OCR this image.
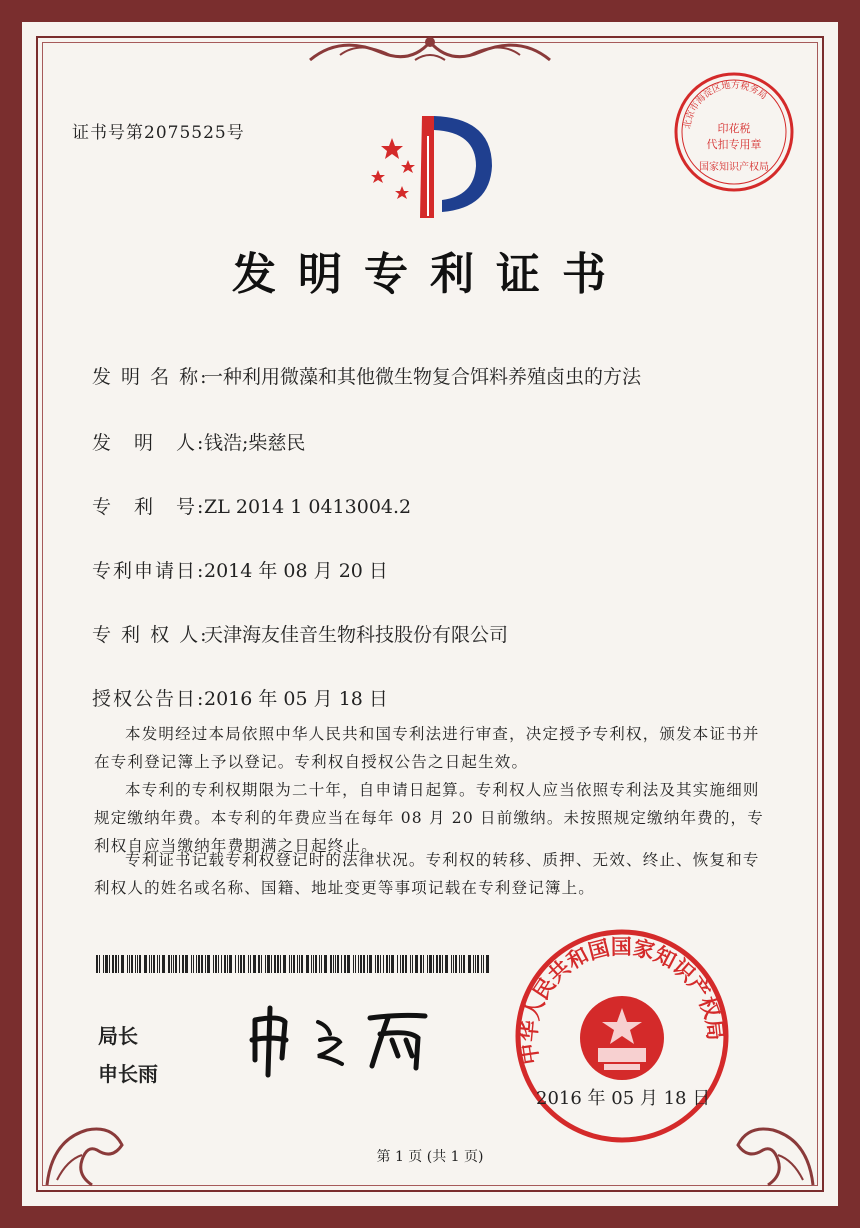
证书号第2075525号	北京市海淀区地方税务局
印花税
代扣专用章
国家知识产权局
发明专利证书
发 明 名 称:一种利用微藻和其他微生物复合饵料养殖卤虫的方法
发　明　人:钱浩;柴慈民
专　利　号:ZL 2014 1 0413004.2
专利申请日:2014 年 08 月 20 日
专 利 权 人:天津海友佳音生物科技股份有限公司
授权公告日:2016 年 05 月 18 日
本发明经过本局依照中华人民共和国专利法进行审查，决定授予专利权，颁发本证书并在专利登记簿上予以登记。专利权自授权公告之日起生效。
本专利的专利权期限为二十年，自申请日起算。专利权人应当依照专利法及其实施细则规定缴纳年费。本专利的年费应当在每年 08 月 20 日前缴纳。未按照规定缴纳年费的，专利权自应当缴纳年费期满之日起终止。
专利证书记载专利权登记时的法律状况。专利权的转移、质押、无效、终止、恢复和专利权人的姓名或名称、国籍、地址变更等事项记载在专利登记簿上。
局长
申长雨
中华人民共和国国家知识产权局
2016 年 05 月 18 日
第 1 页 (共 1 页)
